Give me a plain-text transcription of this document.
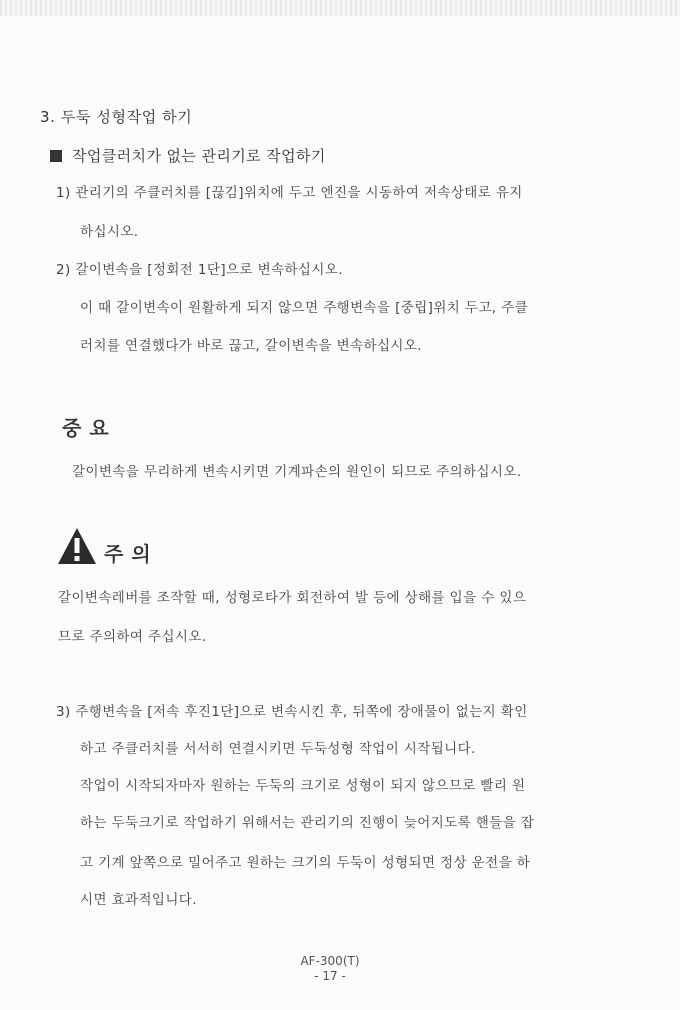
3. 두둑 성형작업 하기
작업클러치가 없는 관리기로 작업하기
1) 관리기의 주클러치를 [끊김]위치에 두고 엔진을 시동하여 저속상태로 유지
하십시오.
2) 갈이변속을 [정회전 1단]으로 변속하십시오.
이 때 갈이변속이 원활하게 되지 않으면 주행변속을 [중립]위치 두고, 주클
러치를 연결했다가 바로 끊고, 갈이변속을 변속하십시오.
중요
갈이변속을 무리하게 변속시키면 기계파손의 원인이 되므로 주의하십시오.
주의
갈이변속레버를 조작할 때, 성형로타가 회전하여 발 등에 상해를 입을 수 있으
므로 주의하여 주십시오.
3) 주행변속을 [저속 후진1단]으로 변속시킨 후, 뒤쪽에 장애물이 없는지 확인
하고 주클러치를 서서히 연결시키면 두둑성형 작업이 시작됩니다.
작업이 시작되자마자 원하는 두둑의 크기로 성형이 되지 않으므로 빨리 원
하는 두둑크기로 작업하기 위해서는 관리기의 진행이 늦어지도록 핸들을 잡
고 기계 앞쪽으로 밀어주고 원하는 크기의 두둑이 성형되면 정상 운전을 하
시면 효과적입니다.
AF-300(T)
- 17 -
